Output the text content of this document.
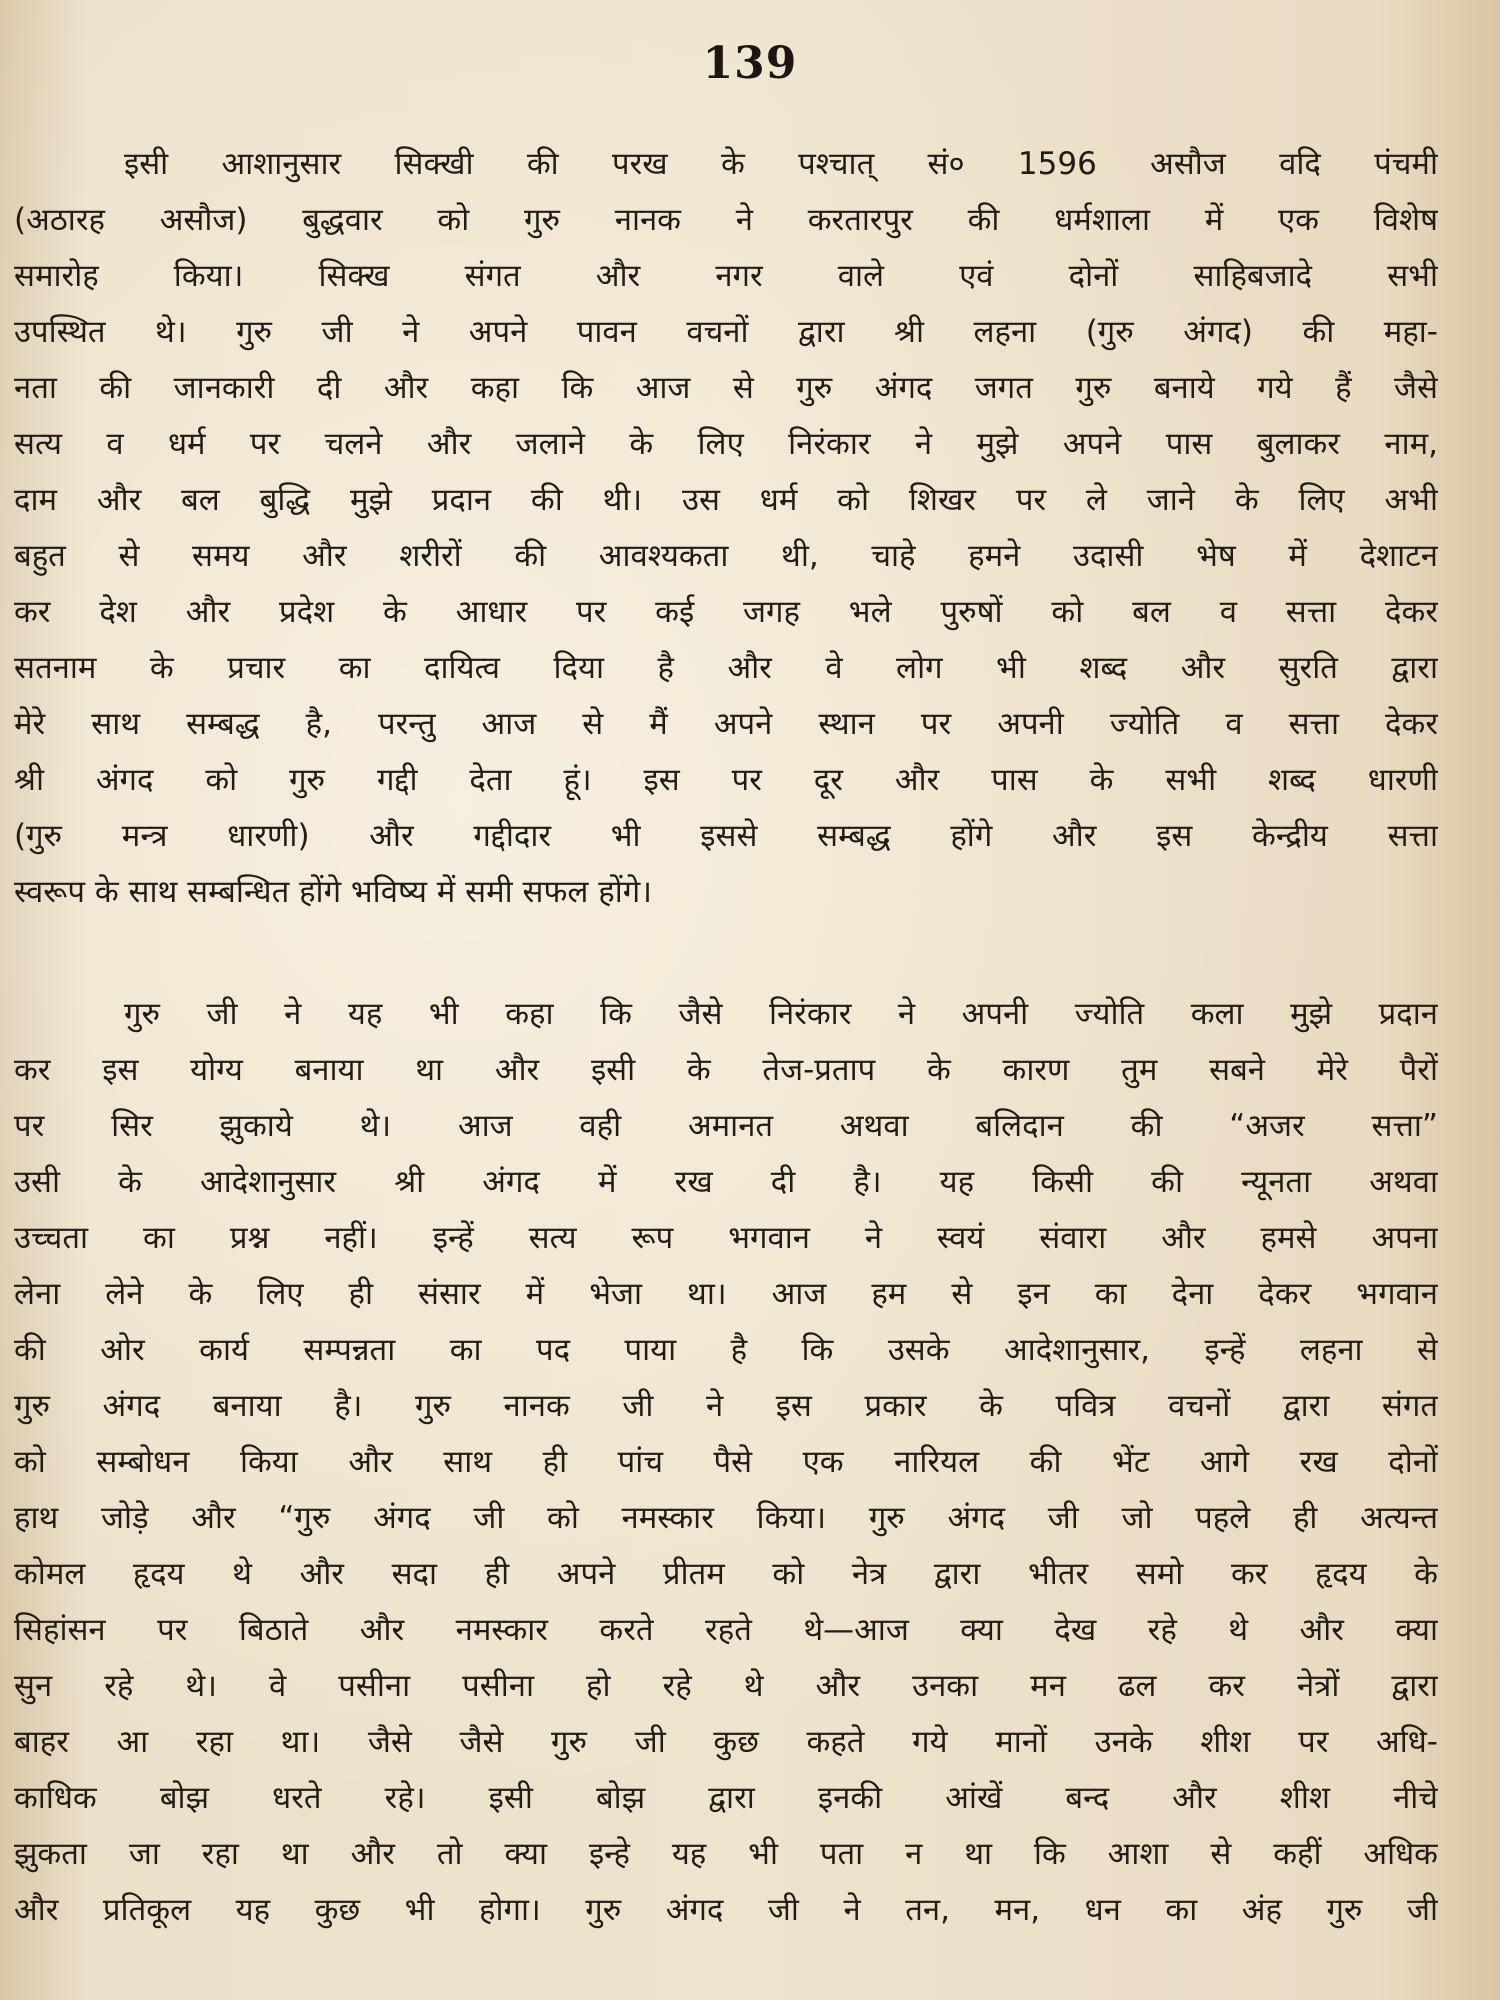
139
इसी आशानुसार सिक्खी की परख के पश्चात् सं० 1596 असौज वदि पंचमी
(अठारह असौज) बुद्धवार को गुरु नानक ने करतारपुर की धर्मशाला में एक विशेष
समारोह किया। सिक्ख संगत और नगर वाले एवं दोनों साहिबजादे सभी
उपस्थित थे। गुरु जी ने अपने पावन वचनों द्वारा श्री लहना (गुरु अंगद) की महा-
नता की जानकारी दी और कहा कि आज से गुरु अंगद जगत गुरु बनाये गये हैं जैसे
सत्य व धर्म पर चलने और जलाने के लिए निरंकार ने मुझे अपने पास बुलाकर नाम,
दाम और बल बुद्धि मुझे प्रदान की थी। उस धर्म को शिखर पर ले जाने के लिए अभी
बहुत से समय और शरीरों की आवश्यकता थी, चाहे हमने उदासी भेष में देशाटन
कर देश और प्रदेश के आधार पर कई जगह भले पुरुषों को बल व सत्ता देकर
सतनाम के प्रचार का दायित्व दिया है और वे लोग भी शब्द और सुरति द्वारा
मेरे साथ सम्बद्ध है, परन्तु आज से मैं अपने स्थान पर अपनी ज्योति व सत्ता देकर
श्री अंगद को गुरु गद्दी देता हूं। इस पर दूर और पास के सभी शब्द धारणी
(गुरु मन्त्र धारणी) और गद्दीदार भी इससे सम्बद्ध होंगे और इस केन्द्रीय सत्ता
स्वरूप के साथ सम्बन्धित होंगे भविष्य में समी सफल होंगे।
गुरु जी ने यह भी कहा कि जैसे निरंकार ने अपनी ज्योति कला मुझे प्रदान
कर इस योग्य बनाया था और इसी के तेज-प्रताप के कारण तुम सबने मेरे पैरों
पर सिर झुकाये थे। आज वही अमानत अथवा बलिदान की “अजर सत्ता”
उसी के आदेशानुसार श्री अंगद में रख दी है। यह किसी की न्यूनता अथवा
उच्चता का प्रश्न नहीं। इन्हें सत्य रूप भगवान ने स्वयं संवारा और हमसे अपना
लेना लेने के लिए ही संसार में भेजा था। आज हम से इन का देना देकर भगवान
की ओर कार्य सम्पन्नता का पद पाया है कि उसके आदेशानुसार, इन्हें लहना से
गुरु अंगद बनाया है। गुरु नानक जी ने इस प्रकार के पवित्र वचनों द्वारा संगत
को सम्बोधन किया और साथ ही पांच पैसे एक नारियल की भेंट आगे रख दोनों
हाथ जोड़े और “गुरु अंगद जी को नमस्कार किया। गुरु अंगद जी जो पहले ही अत्यन्त
कोमल हृदय थे और सदा ही अपने प्रीतम को नेत्र द्वारा भीतर समो कर हृदय के
सिहांसन पर बिठाते और नमस्कार करते रहते थे—आज क्या देख रहे थे और क्या
सुन रहे थे। वे पसीना पसीना हो रहे थे और उनका मन ढल कर नेत्रों द्वारा
बाहर आ रहा था। जैसे जैसे गुरु जी कुछ कहते गये मानों उनके शीश पर अधि-
काधिक बोझ धरते रहे। इसी बोझ द्वारा इनकी आंखें बन्द और शीश नीचे
झुकता जा रहा था और तो क्या इन्हे यह भी पता न था कि आशा से कहीं अधिक
और प्रतिकूल यह कुछ भी होगा। गुरु अंगद जी ने तन, मन, धन का अंह गुरु जी
